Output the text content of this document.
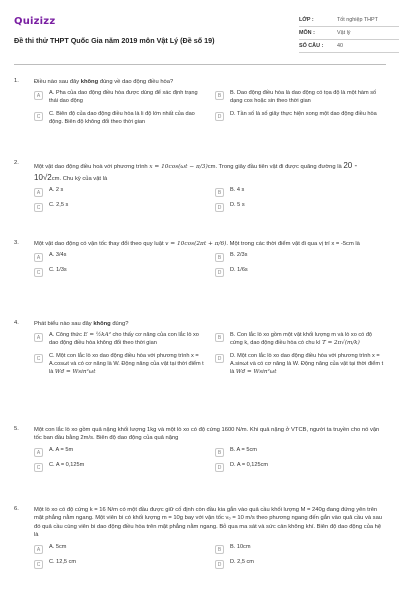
Quizizz
Đề thi thử THPT Quốc Gia năm 2019 môn Vật Lý (Đề số 19)
LỚP :	Tốt nghiệp THPT
MÔN :	Vật lý
SỐ CÂU :	40
1.	Điều nào sau đây không đúng về dao động điều hòa?
A	A. Pha của dao động điều hòa được dùng để xác định trạng thái dao động
B	B. Dao động điều hòa là dao động có tọa độ là một hàm số dạng cos hoặc sin theo thời gian
C	C. Biên độ của dao động điều hòa là li độ lớn nhất của dao động. Biên độ không đổi theo thời gian
D	D. Tần số là số giây thực hiện xong một dao động điều hòa
2.
Một vật dao động điều hoà với phương trình x = 10cos(ωt − π/3)cm. Trong giây đầu tiên vật đi được quãng đường là 20 - 10√2cm. Chu kỳ của vật là
A	A. 2 s	B	B. 4 s
C	C. 2,5 s	D	D. 5 s
3.	Một vật dao động có vận tốc thay đổi theo quy luật v = 10cos(2πt + π/6). Một trong các thời điểm vật đi qua vị trí x = -5cm là
A	A. 3/4s	B	B. 2/3s
C	C. 1/3s	D	D. 1/6s
4.	Phát biểu nào sau đây không đúng?
A	A. Công thức E = ½kA² cho thấy cơ năng của con lắc lò xo dao động điều hòa không đổi theo thời gian
B	B. Con lắc lò xo gồm một vật khối lượng m và lò xo có độ cứng k, dao động điều hòa có chu kì T = 2π√(m/k)
C	C. Một con lắc lò xo dao động điều hòa với phương trình x = A.cosωt và có cơ năng là W. Động năng của vật tại thời điểm t là Wđ = Wsin²ωt
D	D. Một con lắc lò xo dao động điều hòa với phương trình x = A.sinωt và có cơ năng là W. Động năng của vật tại thời điểm t là Wđ = Wsin²ωt
5.	Một con lắc lò xo gồm quả nặng khối lượng 1kg và một lò xo có độ cứng 1600 N/m. Khi quả nặng ở VTCB, người ta truyền cho nó vận tốc ban đầu bằng 2m/s. Biên độ dao động của quả nặng
A	A. A = 5m	B	B. A = 5cm
C	C. A = 0,125m	D	D. A = 0,125cm
6.	Một lò xo có độ cứng k = 16 N/m có một đầu được giữ cố định còn đầu kia gắn vào quả cầu khối lượng M = 240g đang đứng yên trên mặt phẳng nằm ngang. Một viên bi có khối lượng m = 10g bay với vận tốc v₀ = 10 m/s theo phương ngang đến gắn vào quả cầu và sau đó quả cầu cùng viên bi dao động điều hòa trên mặt phẳng nằm ngang. Bỏ qua ma sát và sức cản không khí. Biên độ dao động của hệ là
A	A. 5cm	B	B. 10cm
C	C. 12,5 cm	D	D. 2,5 cm
